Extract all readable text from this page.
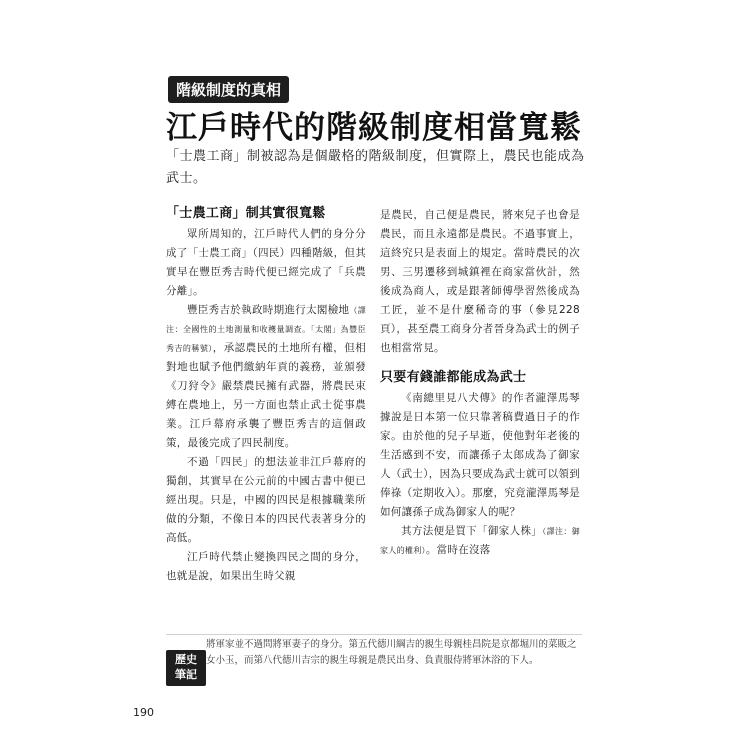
階級制度的真相
江戶時代的階級制度相當寬鬆

「士農工商」制被認為是個嚴格的階級制度，但實際上，農民也能成為武士。

「士農工商」制其實很寬鬆

眾所周知的，江戶時代人們的身分分成了「士農工商」（四民）四種階級，但其實早在豐臣秀吉時代便已經完成了「兵農分離」。

豐臣秀吉於執政時期進行太閣檢地（譯注：全國性的土地測量和收穫量調查。「太閣」為豐臣秀吉的稱號），承認農民的土地所有權，但相對地也賦予他們繳納年貢的義務，並頒發《刀狩令》嚴禁農民擁有武器，將農民束縛在農地上，另一方面也禁止武士從事農業。江戶幕府承襲了豐臣秀吉的這個政策，最後完成了四民制度。

不過「四民」的想法並非江戶幕府的獨創，其實早在公元前的中國古書中便已經出現。只是，中國的四民是根據職業所做的分類，不像日本的四民代表著身分的高低。

江戶時代禁止變換四民之間的身分，也就是說，如果出生時父親

是農民，自己便是農民，將來兒子也會是農民，而且永遠都是農民。不過事實上，這終究只是表面上的規定。當時農民的次男、三男遷移到城鎮裡在商家當伙計，然後成為商人，或是跟著師傅學習然後成為工匠，並不是什麼稀奇的事（參見228頁），甚至農工商身分者晉身為武士的例子也相當常見。

只要有錢誰都能成為武士

《南總里見八犬傳》的作者瀧澤馬琴據說是日本第一位只靠著稿費過日子的作家。由於他的兒子早逝，使他對年老後的生活感到不安，而讓孫子太郎成為了御家人（武士），因為只要成為武士就可以領到俸祿（定期收入）。那麼，究竟瀧澤馬琴是如何讓孫子成為御家人的呢？

其方法便是買下「御家人株」（譯注：御家人的權利）。當時在沒落

歷史
筆記

將軍家並不過問將軍妻子的身分。第五代德川綱吉的親生母親桂昌院是京都堀川的菜販之女小玉，而第八代德川吉宗的親生母親是農民出身、負責服侍將軍沐浴的下人。

190
